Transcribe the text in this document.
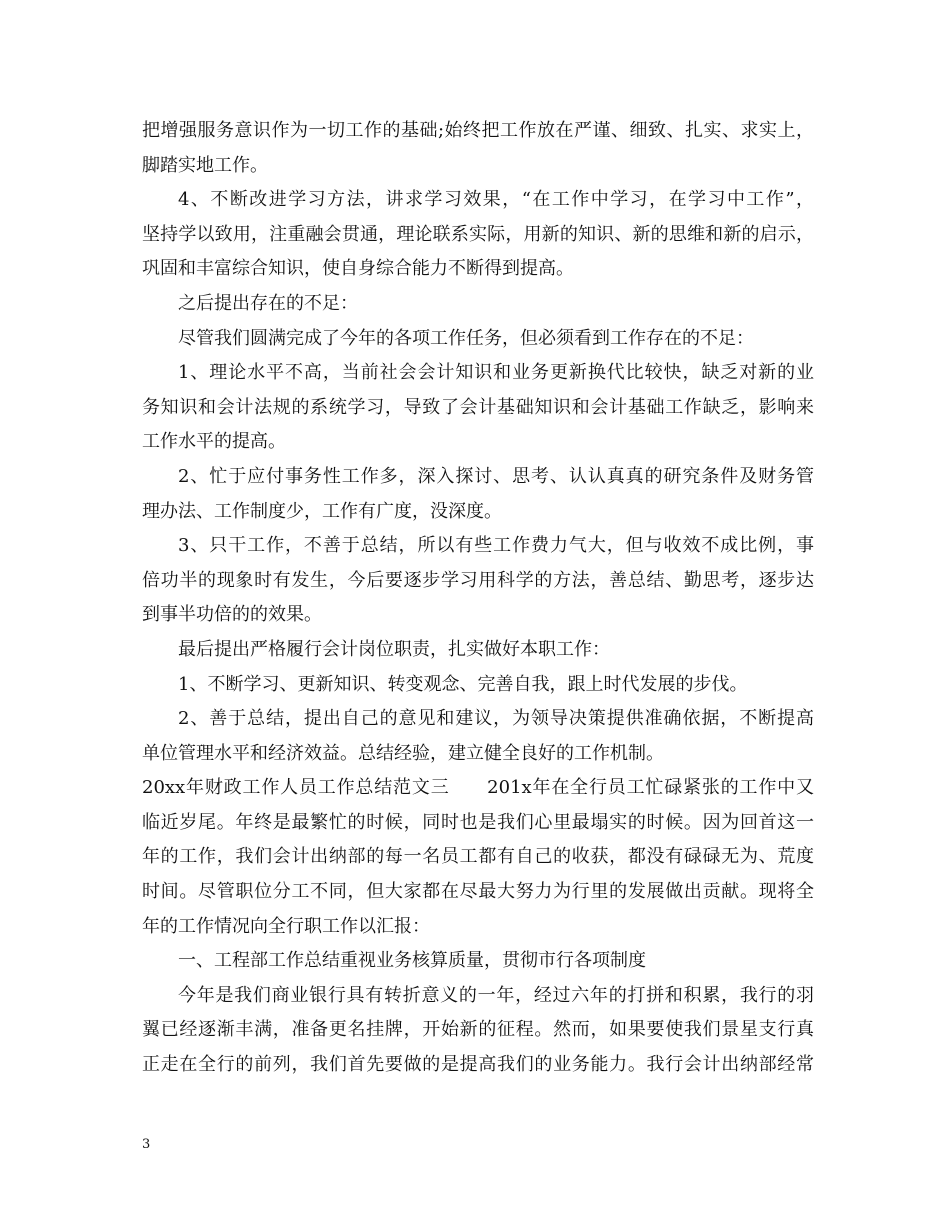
把增强服务意识作为一切工作的基础;始终把工作放在严谨、细致、扎实、求实上，
脚踏实地工作。
4、不断改进学习方法，讲求学习效果，“在工作中学习，在学习中工作”，
坚持学以致用，注重融会贯通，理论联系实际，用新的知识、新的思维和新的启示，
巩固和丰富综合知识，使自身综合能力不断得到提高。
之后提出存在的不足：
尽管我们圆满完成了今年的各项工作任务，但必须看到工作存在的不足：
1、理论水平不高，当前社会会计知识和业务更新换代比较快，缺乏对新的业
务知识和会计法规的系统学习，导致了会计基础知识和会计基础工作缺乏，影响来
工作水平的提高。
2、忙于应付事务性工作多，深入探讨、思考、认认真真的研究条件及财务管
理办法、工作制度少，工作有广度，没深度。
3、只干工作，不善于总结，所以有些工作费力气大，但与收效不成比例，事
倍功半的现象时有发生，今后要逐步学习用科学的方法，善总结、勤思考，逐步达
到事半功倍的的效果。
最后提出严格履行会计岗位职责，扎实做好本职工作：
1、不断学习、更新知识、转变观念、完善自我，跟上时代发展的步伐。
2、善于总结，提出自己的意见和建议，为领导决策提供准确依据，不断提高
单位管理水平和经济效益。总结经验，建立健全良好的工作机制。
20xx年财政工作人员工作总结范文三　　201x年在全行员工忙碌紧张的工作中又
临近岁尾。年终是最繁忙的时候，同时也是我们心里最塌实的时候。因为回首这一
年的工作，我们会计出纳部的每一名员工都有自己的收获，都没有碌碌无为、荒度
时间。尽管职位分工不同，但大家都在尽最大努力为行里的发展做出贡献。现将全
年的工作情况向全行职工作以汇报：
一、工程部工作总结重视业务核算质量，贯彻市行各项制度
今年是我们商业银行具有转折意义的一年，经过六年的打拼和积累，我行的羽
翼已经逐渐丰满，准备更名挂牌，开始新的征程。然而，如果要使我们景星支行真
正走在全行的前列，我们首先要做的是提高我们的业务能力。我行会计出纳部经常
3
